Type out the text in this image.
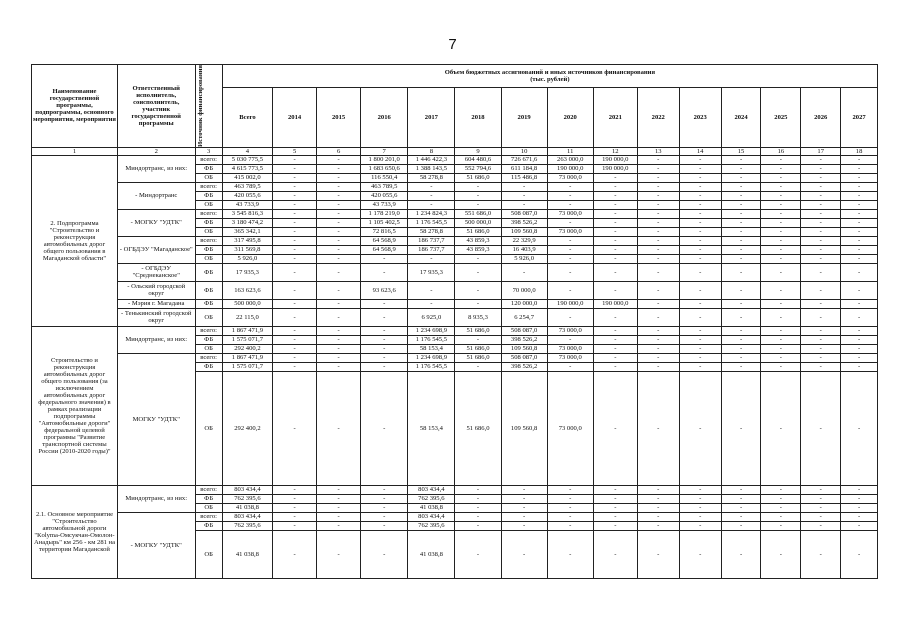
7
Наименование государственной программы, подпрограммы, основного мероприятия, мероприятия	Ответственный исполнитель, соисполнитель, участник государственной программы	Источник финансирования	Объем бюджетных ассигнований и иных источников финансирования
(тыс. рублей)														

			Всего	2014	2015	2016	2017	2018	2019	2020	2021	2022	2023	2024	2025	2026	2027
1	2	3	4	5	6	7	8	9	10	11	12	13	14	15	16	17	18
2. Подпрограмма "Строительство и реконструкция автомобильных дорог общего пользования в Магаданской области"	Миндортранс, из них:	всего:	5 030 775,5	-	-	1 800 201,0	1 446 422,3	604 480,6	726 671,6	263 000,0	190 000,0	-	-	-	-	-	-
		ФБ	4 615 773,5	-	-	1 683 650,6	1 388 143,5	552 794,6	611 184,8	190 000,0	190 000,0	-	-	-	-	-	-
		ОБ	415 002,0	-	-	116 550,4	58 278,8	51 686,0	115 486,8	73 000,0	-	-	-	-	-	-	-
	- Миндортранс	всего:	463 789,5	-	-	463 789,5	-	-	-	-	-	-	-	-	-	-	-
		ФБ	420 055,6	-	-	420 055,6	-	-	-	-	-	-	-	-	-	-	-
		ОБ	43 733,9	-	-	43 733,9	-	-	-	-	-	-	-	-	-	-	-
	- МОГКУ "УДТК"	всего:	3 545 816,3	-	-	1 178 219,0	1 234 824,3	551 686,0	508 087,0	73 000,0	-	-	-	-	-	-	-
		ФБ	3 180 474,2	-	-	1 105 402,5	1 176 545,5	500 000,0	398 526,2	-	-	-	-	-	-	-	-
		ОБ	365 342,1	-	-	72 816,5	58 278,8	51 686,0	109 560,8	73 000,0	-	-	-	-	-	-	-
	- ОГБДЭУ "Магаданское"	всего:	317 495,8	-	-	64 568,9	186 737,7	43 859,3	22 329,9	-	-	-	-	-	-	-	-
		ФБ	311 569,8	-	-	64 568,9	186 737,7	43 859,3	16 403,9	-	-	-	-	-	-	-	-
		ОБ	5 926,0	-	-	-	-	-	5 926,0	-	-	-	-	-	-	-	-
	- ОГБДЭУ "Среднеканское"	ФБ	17 935,3	-	-	-	17 935,3	-	-	-	-	-	-	-	-	-	-
	- Ольский городской округ	ФБ	163 623,6	-	-	93 623,6	-	-	70 000,0	-	-	-	-	-	-	-	-
	- Мэрия г. Магадана	ФБ	500 000,0	-	-	-	-	-	120 000,0	190 000,0	190 000,0	-	-	-	-	-	-
	- Тенькинский городской округ	ОБ	22 115,0	-	-	-	6 925,0	8 935,3	6 254,7	-	-	-	-	-	-	-	-
Строительство и реконструкция автомобильных дорог общего пользования (за исключением автомобильных дорог федерального значения) в рамках реализации подпрограммы "Автомобильные дороги" федеральной целевой программы "Развитие транспортной системы России (2010-2020 годы)"	Миндортранс, из них:	всего:	1 867 471,9	-	-	-	1 234 698,9	51 686,0	508 087,0	73 000,0	-	-	-	-	-	-	-
		ФБ	1 575 071,7	-	-	-	1 176 545,5	-	398 526,2	-	-	-	-	-	-	-	-
		ОБ	292 400,2	-	-	-	58 153,4	51 686,0	109 560,8	73 000,0	-	-	-	-	-	-	-
	МОГКУ "УДТК"	всего:	1 867 471,9	-	-	-	1 234 698,9	51 686,0	508 087,0	73 000,0	-	-	-	-	-	-	-
		ФБ	1 575 071,7	-	-	-	1 176 545,5	-	398 526,2	-	-	-	-	-	-	-	-
		ОБ	292 400,2	-	-	-	58 153,4	51 686,0	109 560,8	73 000,0	-	-	-	-	-	-	-
2.1. Основное мероприятие "Строительство автомобильной дороги "Кolyma-Омсукчан-Омолон-Анадырь" км 256 - км 281 на территории Магаданской	Миндортранс, из них:	всего:	803 434,4	-	-	-	803 434,4	-	-	-	-	-	-	-	-	-	-
		ФБ	762 395,6	-	-	-	762 395,6	-	-	-	-	-	-	-	-	-	-
		ОБ	41 038,8	-	-	-	41 038,8	-	-	-	-	-	-	-	-	-	-
	- МОГКУ "УДТК"	всего:	803 434,4	-	-	-	803 434,4	-	-	-	-	-	-	-	-	-	-
		ФБ	762 395,6	-	-	-	762 395,6	-	-	-	-	-	-	-	-	-	-
		ОБ	41 038,8	-	-	-	41 038,8	-	-	-	-	-	-	-	-	-	-
